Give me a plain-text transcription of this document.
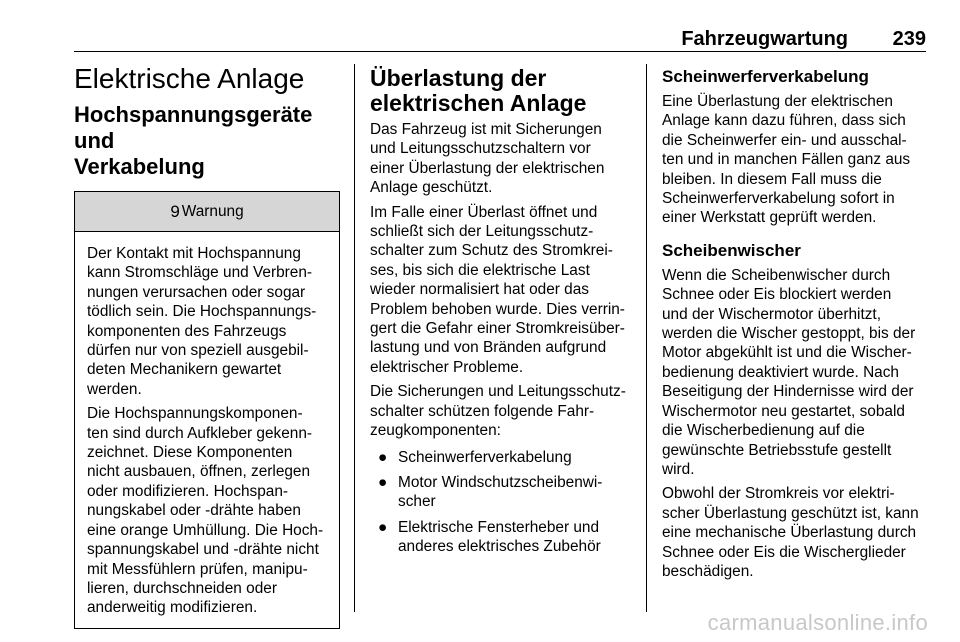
Fahrzeugwartung 239
Elektrische Anlage
Hochspannungsgeräte und
Verkabelung
9 Warnung
Der Kontakt mit Hochspannung
kann Stromschläge und Verbren-
nungen verursachen oder sogar
tödlich sein. Die Hochspannungs-
komponenten des Fahrzeugs
dürfen nur von speziell ausgebil-
deten Mechanikern gewartet
werden.
Die Hochspannungskomponen-
ten sind durch Aufkleber gekenn-
zeichnet. Diese Komponenten
nicht ausbauen, öffnen, zerlegen
oder modifizieren. Hochspan-
nungskabel oder -drähte haben
eine orange Umhüllung. Die Hoch-
spannungskabel und -drähte nicht
mit Messfühlern prüfen, manipu-
lieren, durchschneiden oder
anderweitig modifizieren.
Überlastung der
elektrischen Anlage
Das Fahrzeug ist mit Sicherungen
und Leitungsschutzschaltern vor
einer Überlastung der elektrischen
Anlage geschützt.
Im Falle einer Überlast öffnet und
schließt sich der Leitungsschutz-
schalter zum Schutz des Stromkrei-
ses, bis sich die elektrische Last
wieder normalisiert hat oder das
Problem behoben wurde. Dies verrin-
gert die Gefahr einer Stromkreisüber-
lastung und von Bränden aufgrund
elektrischer Probleme.
Die Sicherungen und Leitungsschutz-
schalter schützen folgende Fahr-
zeugkomponenten:
● Scheinwerferverkabelung
● Motor Windschutzscheibenwi-
scher
● Elektrische Fensterheber und
anderes elektrisches Zubehör
Scheinwerferverkabelung
Eine Überlastung der elektrischen
Anlage kann dazu führen, dass sich
die Scheinwerfer ein- und ausschal-
ten und in manchen Fällen ganz aus
bleiben. In diesem Fall muss die
Scheinwerferverkabelung sofort in
einer Werkstatt geprüft werden.
Scheibenwischer
Wenn die Scheibenwischer durch
Schnee oder Eis blockiert werden
und der Wischermotor überhitzt,
werden die Wischer gestoppt, bis der
Motor abgekühlt ist und die Wischer-
bedienung deaktiviert wurde. Nach
Beseitigung der Hindernisse wird der
Wischermotor neu gestartet, sobald
die Wischerbedienung auf die
gewünschte Betriebsstufe gestellt
wird.
Obwohl der Stromkreis vor elektri-
scher Überlastung geschützt ist, kann
eine mechanische Überlastung durch
Schnee oder Eis die Wischerglieder
beschädigen.
carmanualsonline.info
